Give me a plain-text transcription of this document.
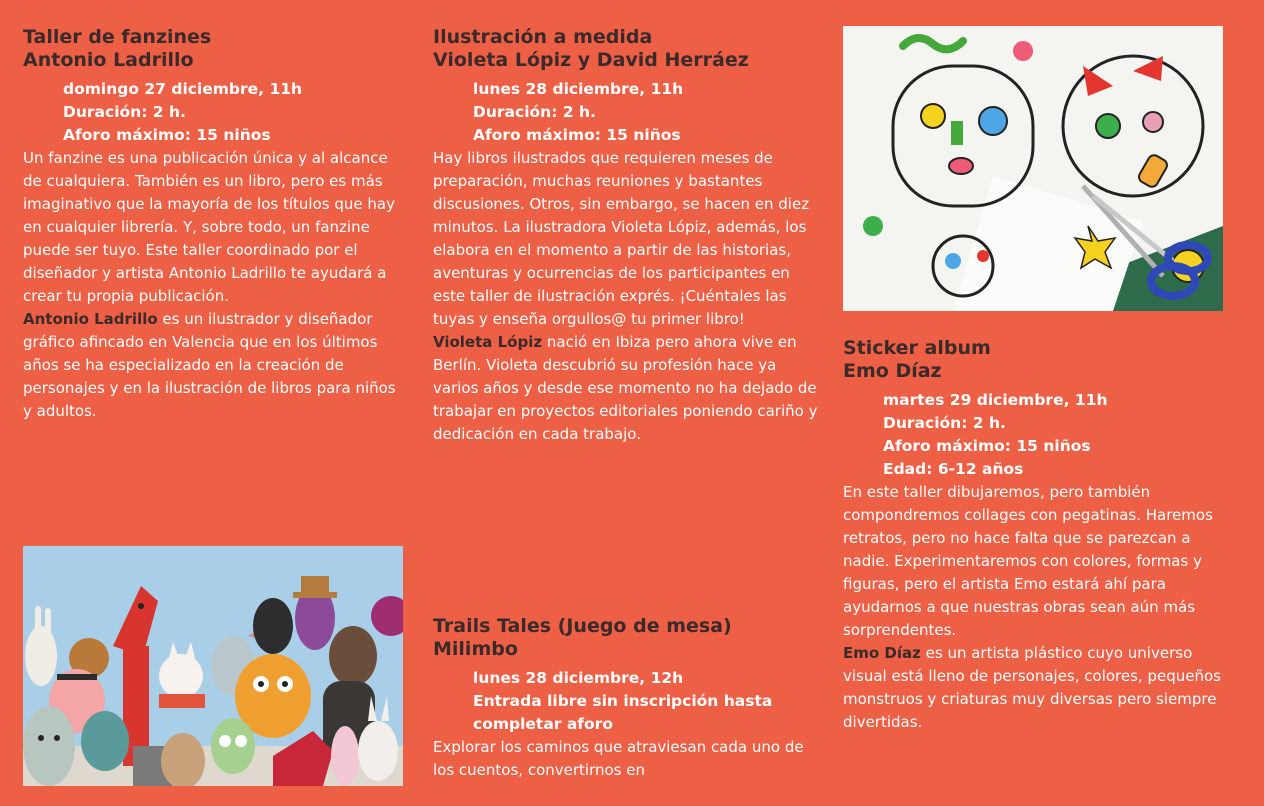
Taller de fanzines
Antonio Ladrillo
domingo 27 diciembre, 11h
Duración: 2 h.
Aforo máximo: 15 niños

Un fanzine es una publicación única y al alcance de cualquiera. También es un libro, pero es más imaginativo que la mayoría de los títulos que hay en cualquier librería. Y, sobre todo, un fanzine puede ser tuyo. Este taller coordinado por el diseñador y artista Antonio Ladrillo te ayudará a crear tu propia publicación.

Antonio Ladrillo es un ilustrador y diseñador gráfico afincado en Valencia que en los últimos años se ha especializado en la creación de personajes y en la ilustración de libros para niños y adultos.

Ilustración a medida
Violeta Lópiz y David Herráez
lunes 28 diciembre, 11h
Duración: 2 h.
Aforo máximo: 15 niños

Hay libros ilustrados que requieren meses de preparación, muchas reuniones y bastantes discusiones. Otros, sin embargo, se hacen en diez minutos. La ilustradora Violeta Lópiz, además, los elabora en el momento a partir de las historias, aventuras y ocurrencias de los participantes en este taller de ilustración exprés. ¡Cuéntales las tuyas y enseña orgullos@ tu primer libro!

Violeta Lópiz nació en Ibiza pero ahora vive en Berlín. Violeta descubrió su profesión hace ya varios años y desde ese momento no ha dejado de trabajar en proyectos editoriales poniendo cariño y dedicación en cada trabajo.

Trails Tales (Juego de mesa)
Milimbo
lunes 28 diciembre, 12h
Entrada libre sin inscripción hasta completar aforo

Explorar los caminos que atraviesan cada uno de los cuentos, convertirnos en

Sticker album
Emo Díaz
martes 29 diciembre, 11h
Duración: 2 h.
Aforo máximo: 15 niños
Edad: 6-12 años

En este taller dibujaremos, pero también compondremos collages con pegatinas. Haremos retratos, pero no hace falta que se parezcan a nadie. Experimentaremos con colores, formas y figuras, pero el artista Emo estará ahí para ayudarnos a que nuestras obras sean aún más sorprendentes.

Emo Díaz es un artista plástico cuyo universo visual está lleno de personajes, colores, pequeños monstruos y criaturas muy diversas pero siempre divertidas.
